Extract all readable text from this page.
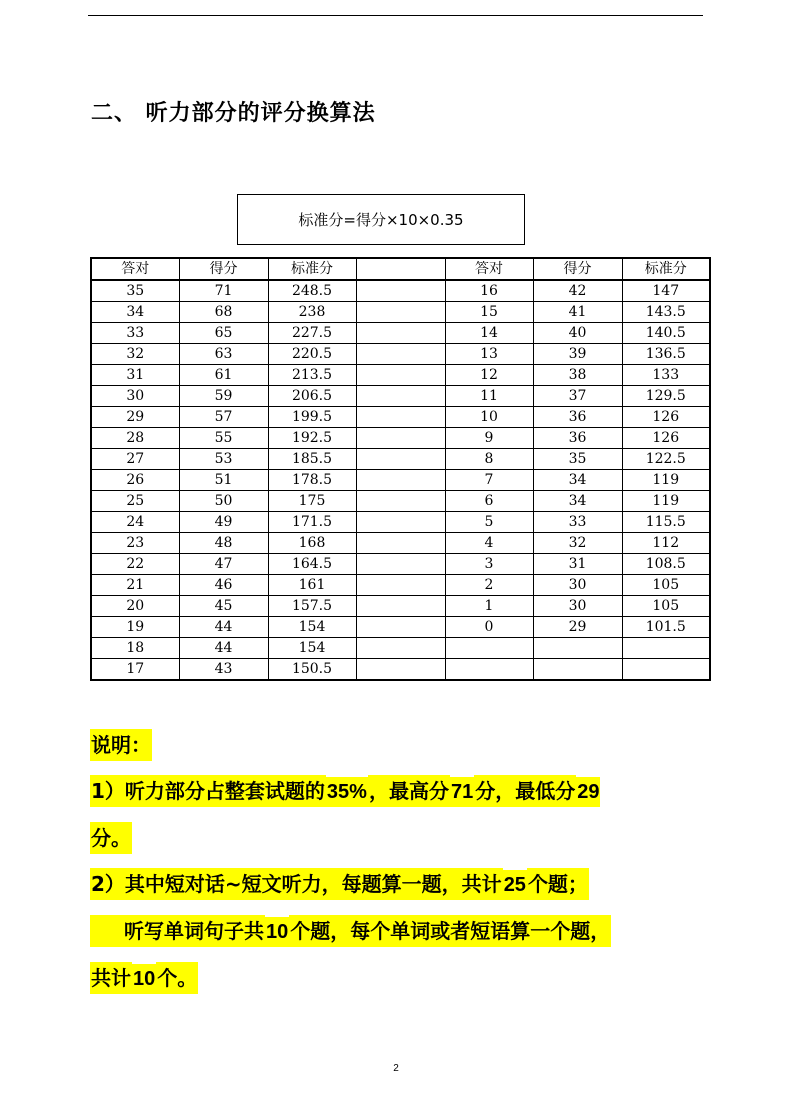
二、 听力部分的评分换算法
标准分=得分×10×0.35
答对	得分	标准分		答对	得分	标准分
35	71	248.5		16	42	147
34	68	238		15	41	143.5
33	65	227.5		14	40	140.5
32	63	220.5		13	39	136.5
31	61	213.5		12	38	133
30	59	206.5		11	37	129.5
29	57	199.5		10	36	126
28	55	192.5		9	36	126
27	53	185.5		8	35	122.5
26	51	178.5		7	34	119
25	50	175		6	34	119
24	49	171.5		5	33	115.5
23	48	168		4	32	112
22	47	164.5		3	31	108.5
21	46	161		2	30	105
20	45	157.5		1	30	105
19	44	154		0	29	101.5
18	44	154				
17	43	150.5				
说明：
1）听力部分占整套试题的 35% ，最高分 71 分，最低分 29
分。
2）其中短对话~短文听力，每题算一题，共计 25 个题；
听写单词句子共 10 个题，每个单词或者短语算一个题，
共计 10 个。
2
